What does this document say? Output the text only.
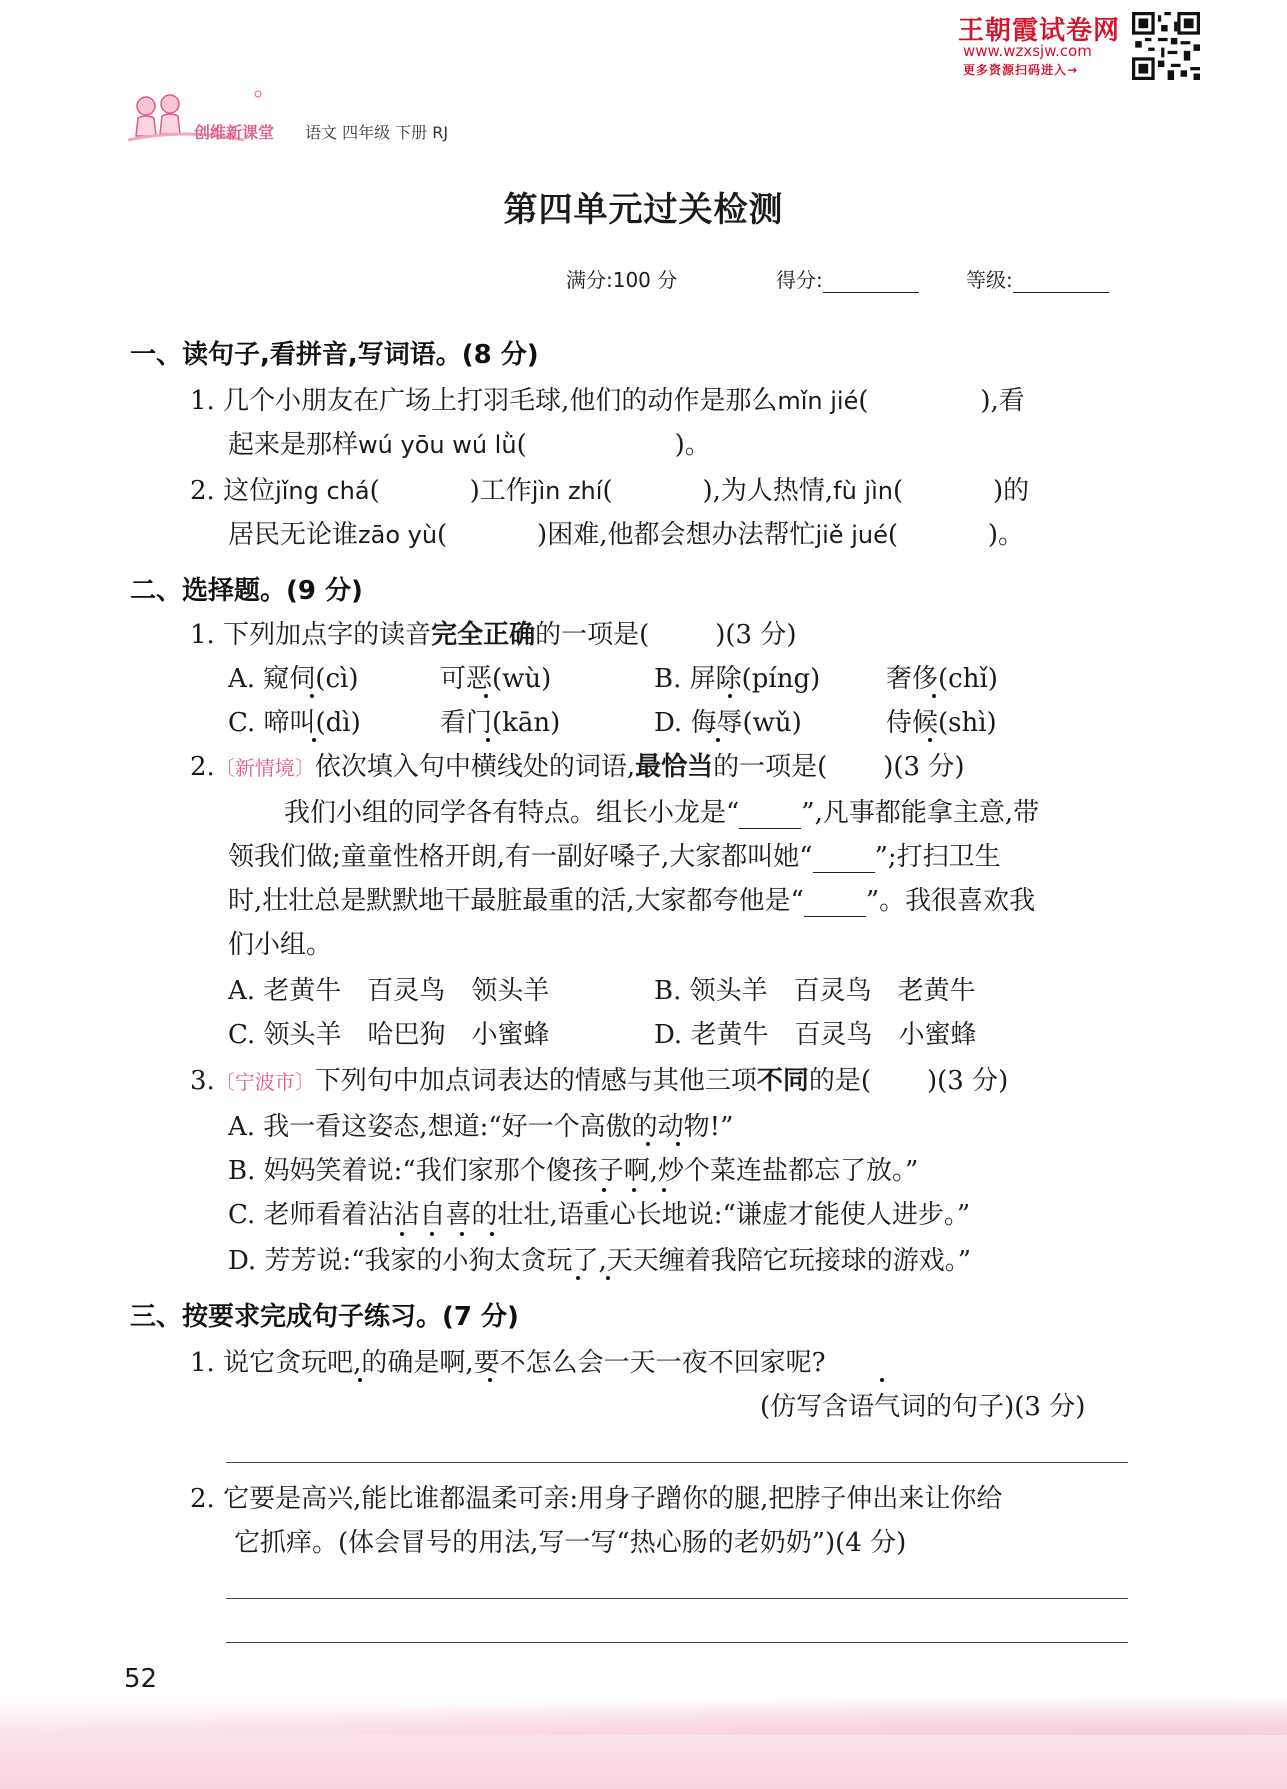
王朝霞试卷网
www.wzxsjw.com
更多资源扫码进入→
创维新课堂 语文 四年级 下册 RJ
第四单元过关检测
满分:100 分	得分:	等级:
一、读句子,看拼音,写词语。(8 分)
1. 几个小朋友在广场上打羽毛球,他们的动作是那么mǐn jié(	),看
起来是那样wú yōu wú lǜ(	)。
2. 这位jǐng chá(	)工作jìn zhí(	),为人热情,fù jìn(	)的
居民无论谁zāo yù(	)困难,他都会想办法帮忙jiě jué(	)。
二、选择题。(9 分)
1. 下列加点字的读音完全正确的一项是(	)(3 分)
A. 窥伺(cì)	可恶(wù)	B. 屏除(píng)	奢侈(chǐ)
C. 啼叫(dì)	看门(kān)	D. 侮辱(wǔ)	侍候(shì)
2.〔新情境〕依次填入句中横线处的词语,最恰当的一项是( )(3 分)
我们小组的同学各有特点。组长小龙是“ ”,凡事都能拿主意,带
领我们做;童童性格开朗,有一副好嗓子,大家都叫她“ ”;打扫卫生
时,壮壮总是默默地干最脏最重的活,大家都夸他是“ ”。我很喜欢我
们小组。
A. 老黄牛　百灵鸟　领头羊	B. 领头羊　百灵鸟　老黄牛
C. 领头羊　哈巴狗　小蜜蜂	D. 老黄牛　百灵鸟　小蜜蜂
3.〔宁波市〕下列句中加点词表达的情感与其他三项不同的是( )(3 分)
A. 我一看这姿态,想道:“好一个高傲的动物!”
B. 妈妈笑着说:“我们家那个傻孩子啊,炒个菜连盐都忘了放。”
C. 老师看着沾沾自喜的壮壮,语重心长地说:“谦虚才能使人进步。”
D. 芳芳说:“我家的小狗太贪玩了,天天缠着我陪它玩接球的游戏。”
三、按要求完成句子练习。(7 分)
1. 说它贪玩吧,的确是啊,要不怎么会一天一夜不回家呢?
(仿写含语气词的句子)(3 分)
2. 它要是高兴,能比谁都温柔可亲:用身子蹭你的腿,把脖子伸出来让你给
它抓痒。(体会冒号的用法,写一写“热心肠的老奶奶”)(4 分)
52
